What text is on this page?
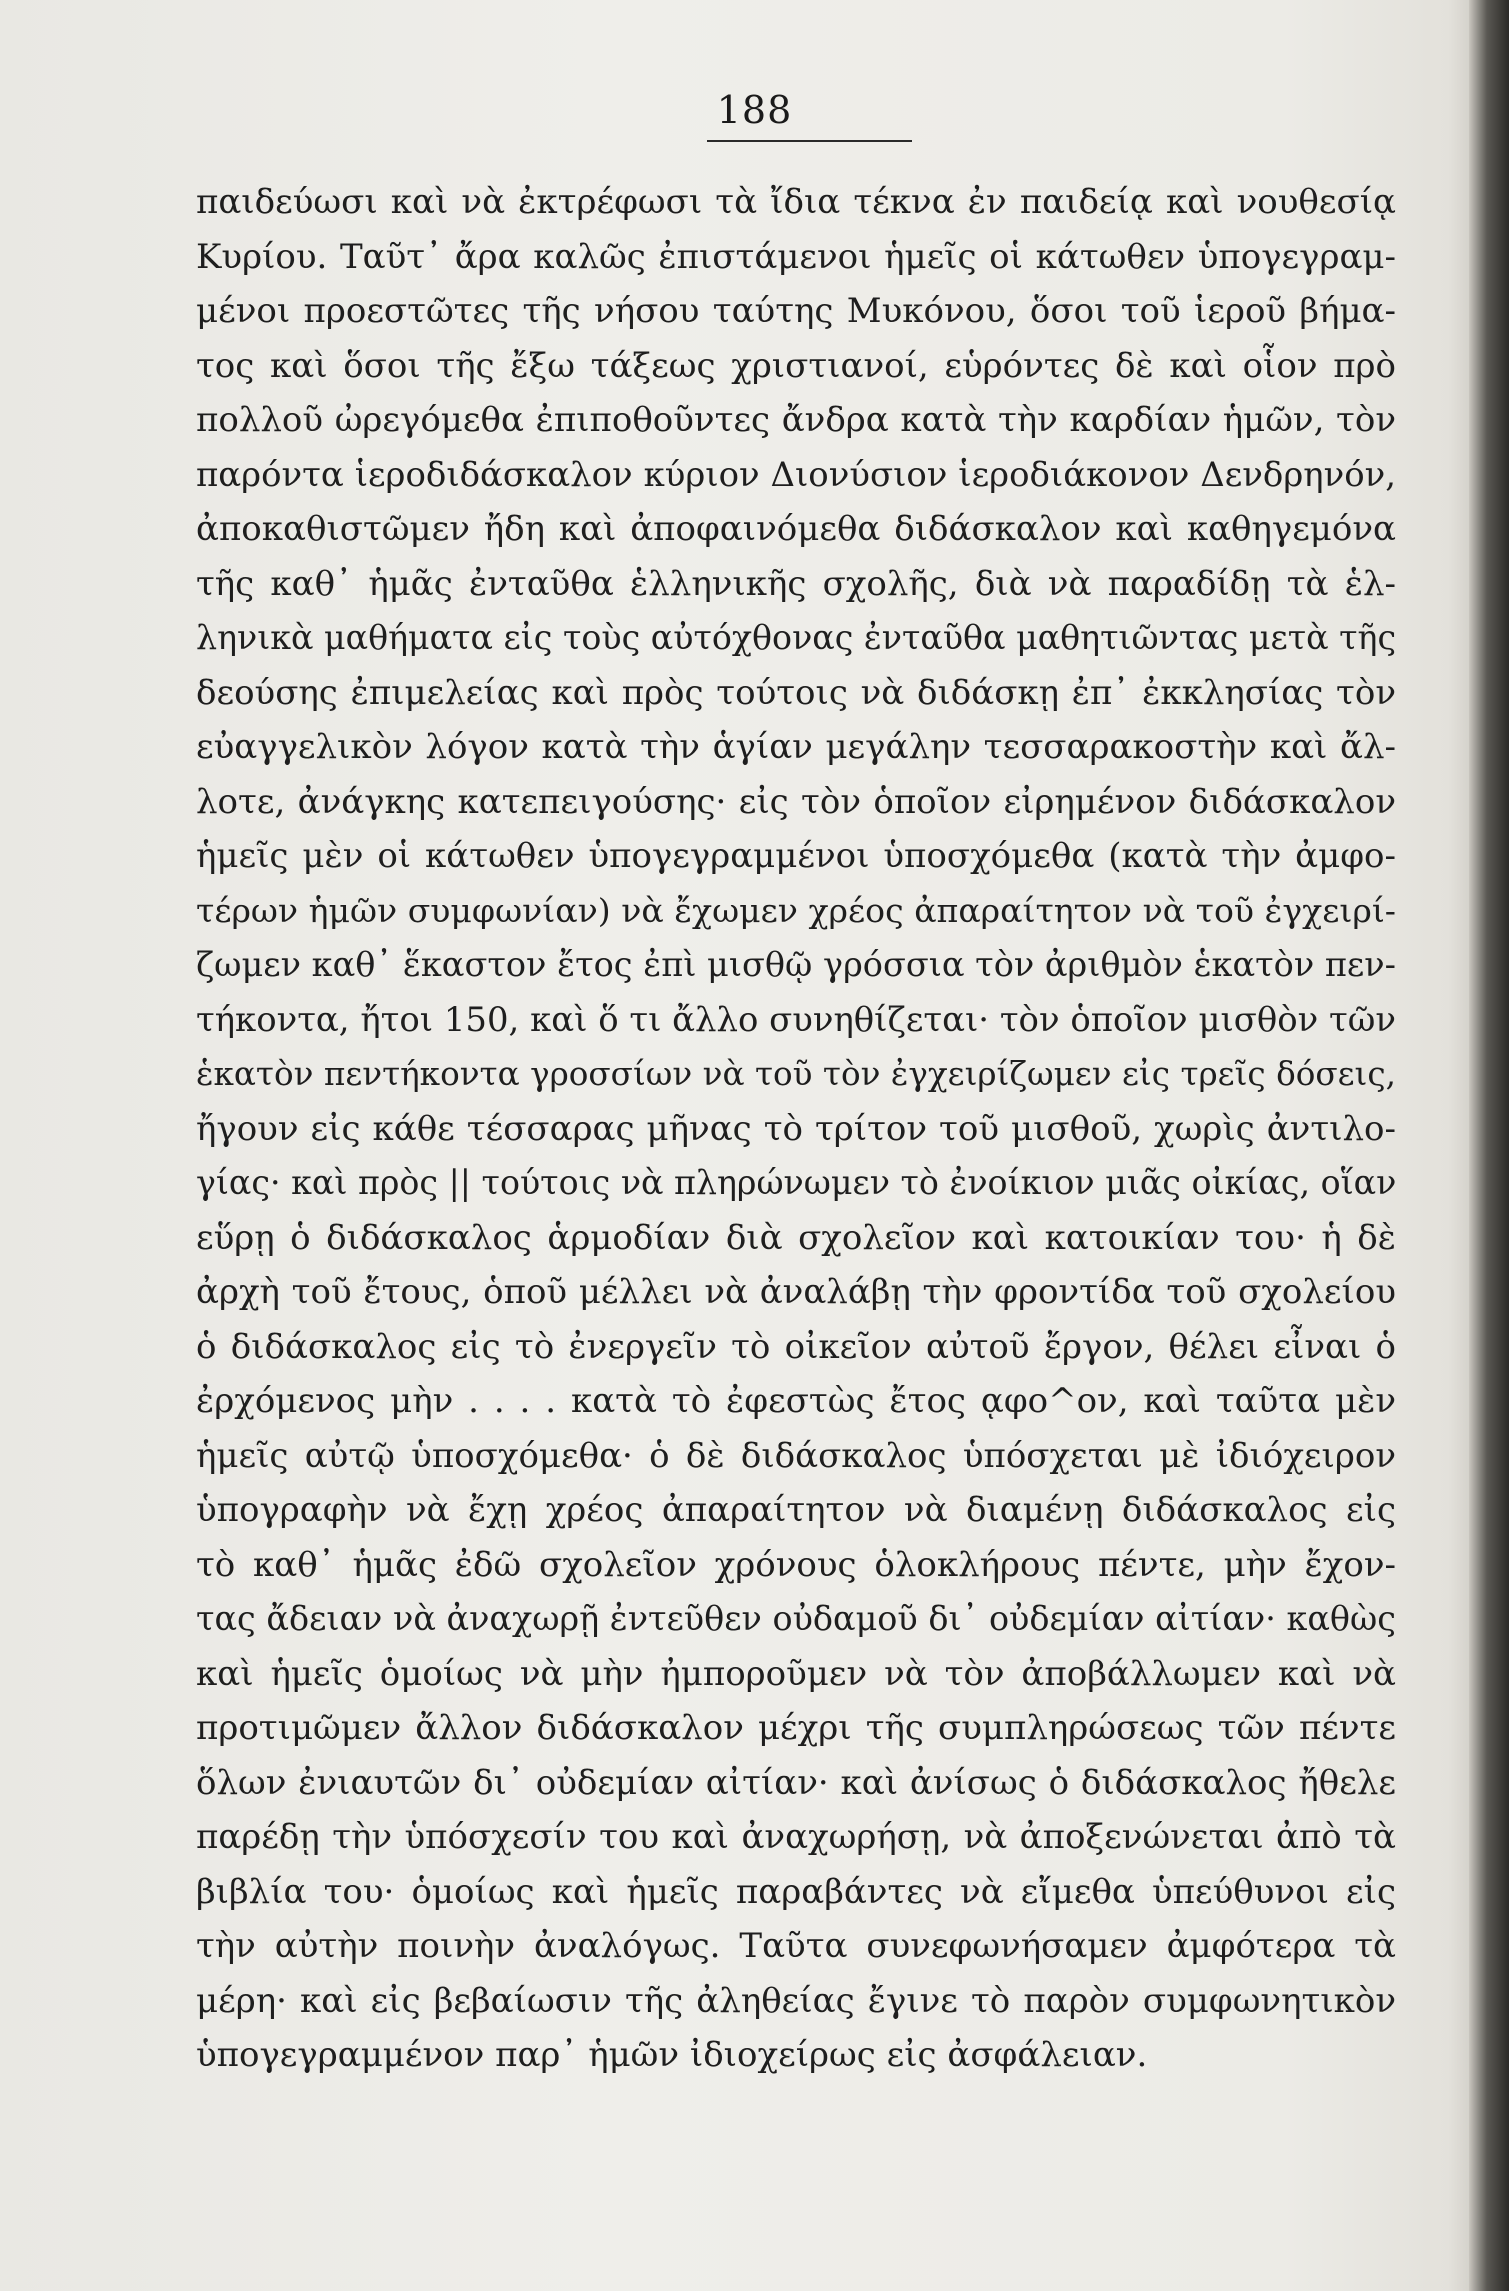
188
παιδεύωσι καὶ νὰ ἐκτρέφωσι τὰ ἴδια τέκνα ἐν παιδείᾳ καὶ νουθεσίᾳ
Κυρίου. Ταῦτ᾽ ἄρα καλῶς ἐπιστάμενοι ἡμεῖς οἱ κάτωθεν ὑπογεγραμ-
μένοι προεστῶτες τῆς νήσου ταύτης Μυκόνου, ὅσοι τοῦ ἱεροῦ βήμα-
τος καὶ ὅσοι τῆς ἔξω τάξεως χριστιανοί, εὑρόντες δὲ καὶ οἷον πρὸ
πολλοῦ ὠρεγόμεθα ἐπιποθοῦντες ἄνδρα κατὰ τὴν καρδίαν ἡμῶν, τὸν
παρόντα ἱεροδιδάσκαλον κύριον Διονύσιον ἱεροδιάκονον Δενδρηνόν,
ἀποκαθιστῶμεν ἤδη καὶ ἀποφαινόμεθα διδάσκαλον καὶ καθηγεμόνα
τῆς καθ᾽ ἡμᾶς ἐνταῦθα ἑλληνικῆς σχολῆς, διὰ νὰ παραδίδῃ τὰ ἑλ-
ληνικὰ μαθήματα εἰς τοὺς αὐτόχθονας ἐνταῦθα μαθητιῶντας μετὰ τῆς
δεούσης ἐπιμελείας καὶ πρὸς τούτοις νὰ διδάσκῃ ἐπ᾽ ἐκκλησίας τὸν
εὐαγγελικὸν λόγον κατὰ τὴν ἁγίαν μεγάλην τεσσαρακοστὴν καὶ ἄλ-
λοτε, ἀνάγκης κατεπειγούσης· εἰς τὸν ὁποῖον εἰρημένον διδάσκαλον
ἡμεῖς μὲν οἱ κάτωθεν ὑπογεγραμμένοι ὑποσχόμεθα (κατὰ τὴν ἀμφο-
τέρων ἡμῶν συμφωνίαν) νὰ ἔχωμεν χρέος ἀπαραίτητον νὰ τοῦ ἐγχειρί-
ζωμεν καθ᾽ ἕκαστον ἔτος ἐπὶ μισθῷ γρόσσια τὸν ἀριθμὸν ἑκατὸν πεν-
τήκοντα, ἤτοι 150, καὶ ὅ τι ἄλλο συνηθίζεται· τὸν ὁποῖον μισθὸν τῶν
ἑκατὸν πεντήκοντα γροσσίων νὰ τοῦ τὸν ἐγχειρίζωμεν εἰς τρεῖς δόσεις,
ἤγουν εἰς κάθε τέσσαρας μῆνας τὸ τρίτον τοῦ μισθοῦ, χωρὶς ἀντιλο-
γίας· καὶ πρὸς || τούτοις νὰ πληρώνωμεν τὸ ἐνοίκιον μιᾶς οἰκίας, οἵαν
εὕρῃ ὁ διδάσκαλος ἁρμοδίαν διὰ σχολεῖον καὶ κατοικίαν του· ἡ δὲ
ἀρχὴ τοῦ ἔτους, ὁποῦ μέλλει νὰ ἀναλάβῃ τὴν φροντίδα τοῦ σχολείου
ὁ διδάσκαλος εἰς τὸ ἐνεργεῖν τὸ οἰκεῖον αὐτοῦ ἔργον, θέλει εἶναι ὁ
ἐρχόμενος μὴν . . . . κατὰ τὸ ἐφεστὼς ἔτος ᾳφο^ον, καὶ ταῦτα μὲν
ἡμεῖς αὐτῷ ὑποσχόμεθα· ὁ δὲ διδάσκαλος ὑπόσχεται μὲ ἰδιόχειρον
ὑπογραφὴν νὰ ἔχῃ χρέος ἀπαραίτητον νὰ διαμένῃ διδάσκαλος εἰς
τὸ καθ᾽ ἡμᾶς ἐδῶ σχολεῖον χρόνους ὁλοκλήρους πέντε, μὴν ἔχον-
τας ἄδειαν νὰ ἀναχωρῇ ἐντεῦθεν οὐδαμοῦ δι᾽ οὐδεμίαν αἰτίαν· καθὼς
καὶ ἡμεῖς ὁμοίως νὰ μὴν ἠμποροῦμεν νὰ τὸν ἀποβάλλωμεν καὶ νὰ
προτιμῶμεν ἄλλον διδάσκαλον μέχρι τῆς συμπληρώσεως τῶν πέντε
ὅλων ἐνιαυτῶν δι᾽ οὐδεμίαν αἰτίαν· καὶ ἀνίσως ὁ διδάσκαλος ἤθελε
παρέδῃ τὴν ὑπόσχεσίν του καὶ ἀναχωρήσῃ, νὰ ἀποξενώνεται ἀπὸ τὰ
βιβλία του· ὁμοίως καὶ ἡμεῖς παραβάντες νὰ εἴμεθα ὑπεύθυνοι εἰς
τὴν αὐτὴν ποινὴν ἀναλόγως. Ταῦτα συνεφωνήσαμεν ἀμφότερα τὰ
μέρη· καὶ εἰς βεβαίωσιν τῆς ἀληθείας ἔγινε τὸ παρὸν συμφωνητικὸν
ὑπογεγραμμένον παρ᾽ ἡμῶν ἰδιοχείρως εἰς ἀσφάλειαν.
